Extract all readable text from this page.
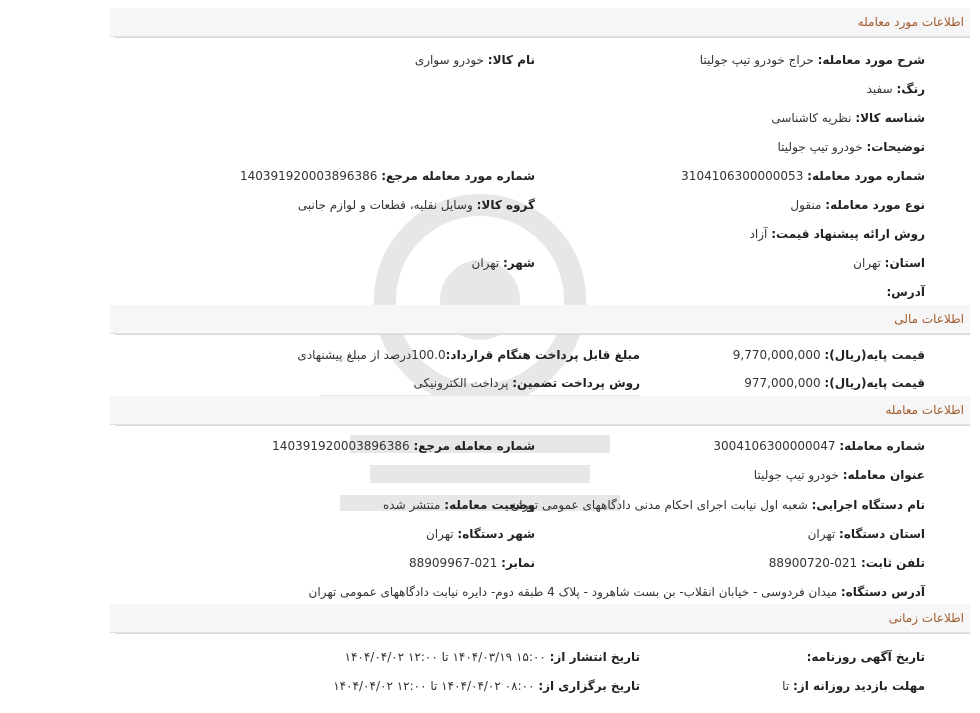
اطلاعات مورد معامله
شرح مورد معامله: حراج خودرو تیپ جولیتا
نام کالا: خودرو سواری
رنگ: سفید
شناسه کالا: نظریه کاشناسی
توضیحات: خودرو تیپ جولیتا
شماره مورد معامله: 3104106300000053
شماره مورد معامله مرجع: 140391920003896386
نوع مورد معامله: منقول
گروه کالا: وسایل نقلیه، قطعات و لوازم جانبی
روش ارائه پیشنهاد قیمت: آزاد
استان: تهران
شهر: تهران
آدرس:
اطلاعات مالی
قیمت پایه(ریال): 9,770,000,000
مبلغ قابل پرداخت هنگام قرارداد:100.0درصد از مبلغ پیشنهادی
قیمت پایه(ریال): 977,000,000
روش پرداخت تضمین: پرداخت الکترونیکی
اطلاعات معامله
شماره معامله: 3004106300000047
شماره معامله مرجع: 140391920003896386
عنوان معامله: خودرو تیپ جولیتا
نام دستگاه اجرایی: شعبه اول نیابت اجرای احکام مدنی دادگاههای عمومی تهران
وضعیت معامله: منتشر شده
استان دستگاه: تهران
شهر دستگاه: تهران
تلفن ثابت: 021-88900720
نمابر: 021-88909967
آدرس دستگاه: میدان فردوسی - خیابان انقلاب- بن بست شاهرود - پلاک 4 طبقه دوم- دایره نیابت دادگاههای عمومی تهران
اطلاعات زمانی
تاریخ آگهی روزنامه:
تاریخ انتشار از: ۱۵:۰۰ ۱۴۰۴/۰۳/۱۹ تا ۱۲:۰۰ ۱۴۰۴/۰۴/۰۲
مهلت بازدید روزانه از: تا
تاریخ برگزاری از: ۰۸:۰۰ ۱۴۰۴/۰۴/۰۲ تا ۱۲:۰۰ ۱۴۰۴/۰۴/۰۲
